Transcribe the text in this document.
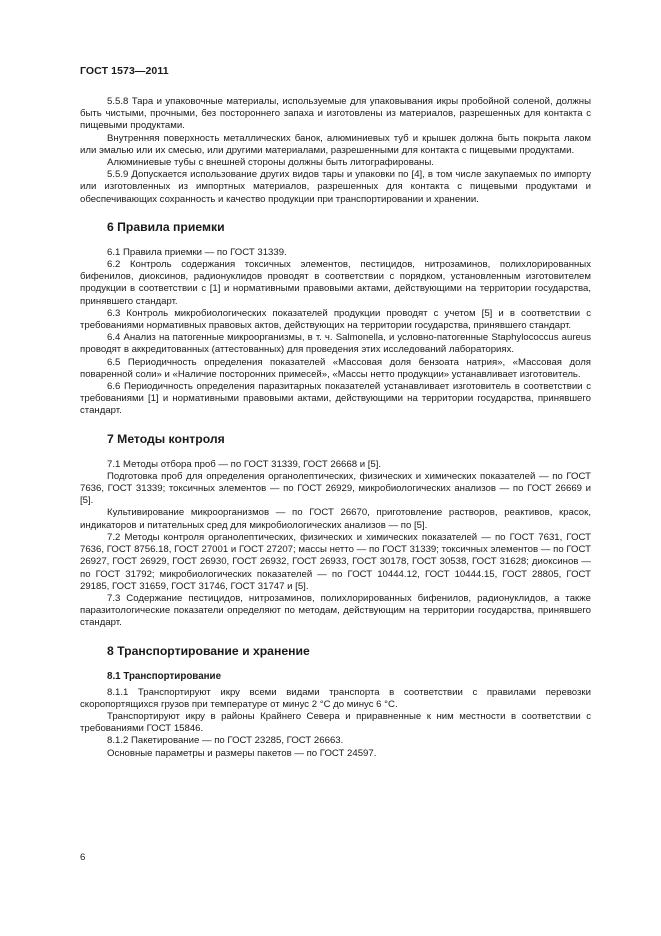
ГОСТ 1573—2011

5.5.8 Тара и упаковочные материалы, используемые для упаковывания икры пробойной соленой, должны быть чистыми, прочными, без постороннего запаха и изготовлены из материалов, разрешенных для контакта с пищевыми продуктами.

Внутренняя поверхность металлических банок, алюминиевых туб и крышек должна быть покрыта лаком или эмалью или их смесью, или другими материалами, разрешенными для контакта с пищевыми продуктами.

Алюминиевые тубы с внешней стороны должны быть литографированы.

5.5.9 Допускается использование других видов тары и упаковки по [4], в том числе закупаемых по импорту или изготовленных из импортных материалов, разрешенных для контакта с пищевыми продуктами и обеспечивающих сохранность и качество продукции при транспортировании и хранении.

6 Правила приемки

6.1 Правила приемки — по ГОСТ 31339.

6.2 Контроль содержания токсичных элементов, пестицидов, нитрозаминов, полихлорированных бифенилов, диоксинов, радионуклидов проводят в соответствии с порядком, установленным изготовителем продукции в соответствии с [1] и нормативными правовыми актами, действующими на территории государства, принявшего стандарт.

6.3 Контроль микробиологических показателей продукции проводят с учетом [5] и в соответствии с требованиями нормативных правовых актов, действующих на территории государства, принявшего стандарт.

6.4 Анализ на патогенные микроорганизмы, в т. ч. Salmonella, и условно-патогенные Staphylococcus aureus проводят в аккредитованных (аттестованных) для проведения этих исследований лабораториях.

6.5 Периодичность определения показателей «Массовая доля бензоата натрия», «Массовая доля поваренной соли» и «Наличие посторонних примесей», «Массы нетто продукции» устанавливает изготовитель.

6.6 Периодичность определения паразитарных показателей устанавливает изготовитель в соответствии с требованиями [1] и нормативными правовыми актами, действующими на территории государства, принявшего стандарт.

7 Методы контроля

7.1 Методы отбора проб — по ГОСТ 31339, ГОСТ 26668 и [5].

Подготовка проб для определения органолептических, физических и химических показателей — по ГОСТ 7636, ГОСТ 31339; токсичных элементов — по ГОСТ 26929, микробиологических анализов — по ГОСТ 26669 и [5].

Культивирование микроорганизмов — по ГОСТ 26670, приготовление растворов, реактивов, красок, индикаторов и питательных сред для микробиологических анализов — по [5].

7.2 Методы контроля органолептических, физических и химических показателей — по ГОСТ 7631, ГОСТ 7636, ГОСТ 8756.18, ГОСТ 27001 и ГОСТ 27207; массы нетто — по ГОСТ 31339; токсичных элементов — по ГОСТ 26927, ГОСТ 26929, ГОСТ 26930, ГОСТ 26932, ГОСТ 26933, ГОСТ 30178, ГОСТ 30538, ГОСТ 31628; диоксинов — по ГОСТ 31792; микробиологических показателей — по ГОСТ 10444.12, ГОСТ 10444.15, ГОСТ 28805, ГОСТ 29185, ГОСТ 31659, ГОСТ 31746, ГОСТ 31747 и [5].

7.3 Содержание пестицидов, нитрозаминов, полихлорированных бифенилов, радионуклидов, а также паразитологические показатели определяют по методам, действующим на территории государства, принявшего стандарт.

8 Транспортирование и хранение
8.1 Транспортирование

8.1.1 Транспортируют икру всеми видами транспорта в соответствии с правилами перевозки скоропортящихся грузов при температуре от минус 2 °С до минус 6 °С.

Транспортируют икру в районы Крайнего Севера и приравненные к ним местности в соответствии с требованиями ГОСТ 15846.

8.1.2 Пакетирование — по ГОСТ 23285, ГОСТ 26663.

Основные параметры и размеры пакетов — по ГОСТ 24597.

6
